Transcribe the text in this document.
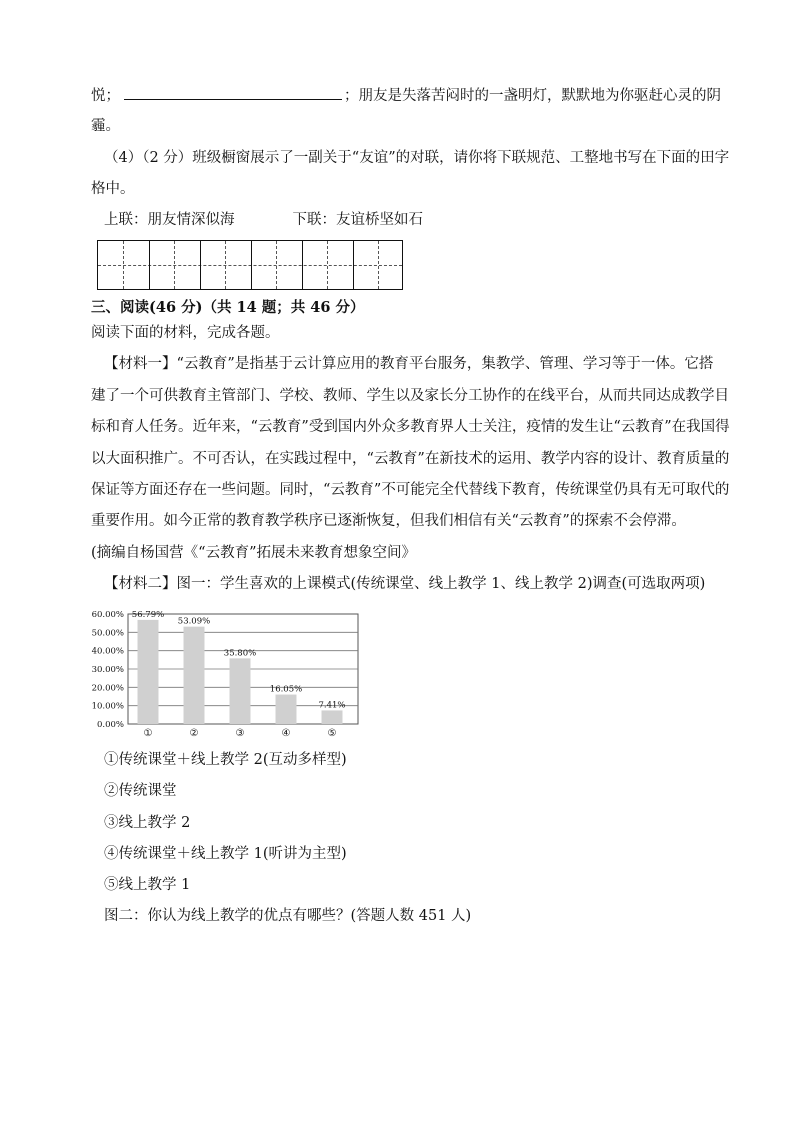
悦；	；朋友是失落苦闷时的一盏明灯，默默地为你驱赶心灵的阴
霾。
（4）（2 分）班级橱窗展示了一副关于“友谊”的对联，请你将下联规范、工整地书写在下面的田字
格中。
上联：朋友情深似海　　　　下联：友谊桥坚如石
三、阅读(46 分)（共 14 题；共 46 分）
阅读下面的材料，完成各题。
【材料一】“云教育”是指基于云计算应用的教育平台服务，集教学、管理、学习等于一体。它搭
建了一个可供教育主管部门、学校、教师、学生以及家长分工协作的在线平台，从而共同达成教学目
标和育人任务。近年来，“云教育”受到国内外众多教育界人士关注，疫情的发生让“云教育”在我国得
以大面积推广。不可否认，在实践过程中，“云教育”在新技术的运用、教学内容的设计、教育质量的
保证等方面还存在一些问题。同时，“云教育”不可能完全代替线下教育，传统课堂仍具有无可取代的
重要作用。如今正常的教育教学秩序已逐渐恢复，但我们相信有关“云教育”的探索不会停滞。
(摘编自杨国营《“云教育”拓展未来教育想象空间》
【材料二】图一：学生喜欢的上课模式(传统课堂、线上教学 1、线上教学 2)调查(可选取两项)
0.00%
10.00%
20.00%
30.00%
40.00%
50.00%
60.00% 56.79%
①
53.09%
②
35.80%
③
16.05%
④
7.41%
⑤
①传统课堂＋线上教学 2(互动多样型)
②传统课堂
③线上教学 2
④传统课堂＋线上教学 1(听讲为主型)
⑤线上教学 1
图二：你认为线上教学的优点有哪些？(答题人数 451 人)
